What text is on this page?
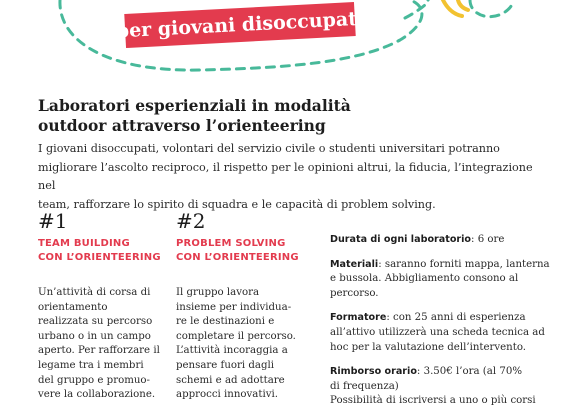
per giovani disoccupati
Laboratori esperienziali in modalità
outdoor attraverso l’orienteering
I giovani disoccupati, volontari del servizio civile o studenti universitari potranno
migliorare l’ascolto reciproco, il rispetto per le opinioni altrui, la fiducia, l’integrazione nel
team, rafforzare lo spirito di squadra e le capacità di problem solving.
#1
TEAM BUILDING
CON L’ORIENTEERING
Un’attività di corsa di
orientamento
realizzata su percorso
urbano o in un campo
aperto. Per rafforzare il
legame tra i membri
del gruppo e promuo-
vere la collaborazione.
#2
PROBLEM SOLVING
CON L’ORIENTEERING
Il gruppo lavora
insieme per individua-
re le destinazioni e
completare il percorso.
L’attività incoraggia a
pensare fuori dagli
schemi e ad adottare
approcci innovativi.
Durata di ogni laboratorio: 6 ore
Materiali: saranno forniti mappa, lanterna
e bussola. Abbigliamento consono al
percorso.
Formatore: con 25 anni di esperienza
all’attivo utilizzerà una scheda tecnica ad
hoc per la valutazione dell’intervento.
Rimborso orario: 3.50€ l’ora (al 70%
di frequenza)
Possibilità di iscriversi a uno o più corsi
